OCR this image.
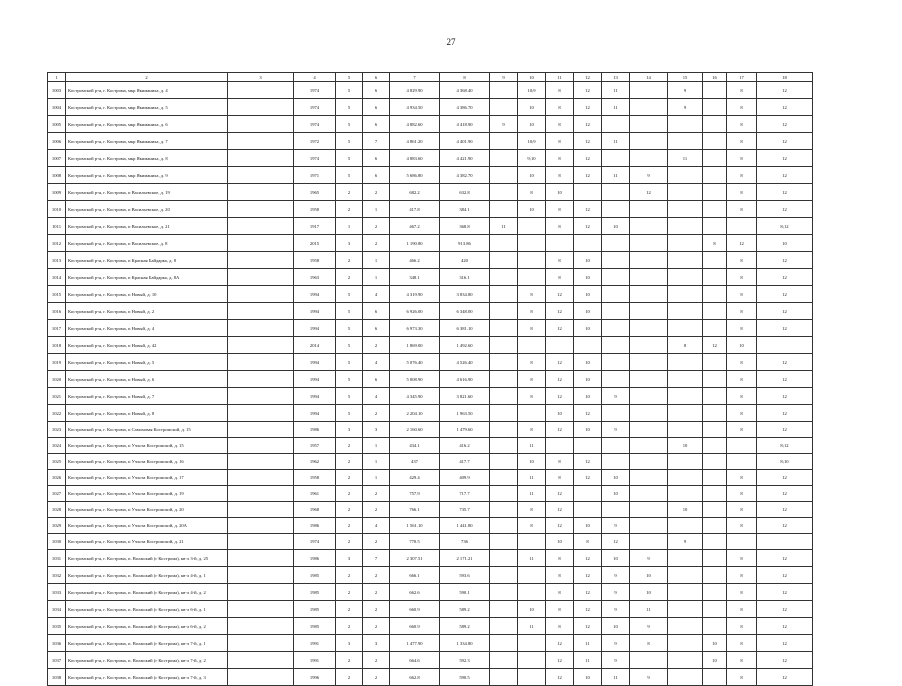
27
1	2	3	4	5	6	7	8	9	10	11	12	13	14	15	16	17	18
1003	Костромской р-н, г. Кострома, мкр Якиманиха, д. 4		1974	5	6	4 829.90	4 368.40		10;9	8	12	11		9		8	12
1004	Костромской р-н, г. Кострома, мкр Якиманиха, д. 5		1974	5	6	4 934.50	4 386.70		10	8	12	11		9		8	12
1005	Костромской р-н, г. Кострома, мкр Якиманиха, д. 6		1974	5	6	4 882.60	4 418.90	9	10	8	12					8	12
1006	Костромской р-н, г. Кострома, мкр Якиманиха, д. 7		1972	5	7	4 861.20	4 401.90		10;9	8	12	11				8	12
1007	Костромской р-н, г. Кострома, мкр Якиманиха, д. 8		1974	5	6	4 883.60	4 421.90		9;10	8	12			11		8	12
1008	Костромской р-н, г. Кострома, мкр Якиманиха, д. 9		1971	5	6	5 686.80	4 382.70		10	8	12	11	9			8	12
1009	Костромской р-н, г. Кострома, п Васильевское, д. 19		1965	2	2	682.2	632.8		8	10			12			8	12
1010	Костромской р-н, г. Кострома, п Васильевское, д. 20		1958	2	1	417.8	384.1		10	8	12					8	12
1011	Костромской р-н, г. Кострома, п Васильевское, д. 21		1917	1	2	467.2	368.8	11		8	12	10					8;12
1012	Костромской р-н, г. Кострома, п Васильевское, д. 8		2015	3	2	1 190.80	913.86								8	12	10
1013	Костромской р-н, г. Кострома, п Красная Байдарка, д. 8		1958	2	1	466.2	420			8	10					8	12
1014	Костромской р-н, г. Кострома, п Красная Байдарка, д. 8А		1963	2	1	348.1	316.1			8	10					8	12
1015	Костромской р-н, г. Кострома, п Новый, д. 10		1994	5	4	4 319.90	3 834.80		8	12	10					8	12
1016	Костромской р-н, г. Кострома, п Новый, д. 2		1994	5	6	6 926.00	6 348.00		8	12	10					8	12
1017	Костромской р-н, г. Кострома, п Новый, д. 4		1994	5	6	6 973.30	6 381.10		8	12	10					8	12
1018	Костромской р-н, г. Кострома, п Новый, д. 42		2014	5	2	1 869.00	1 492.60							8	12	10	
1019	Костромской р-н, г. Кострома, п Новый, д. 5		1994	5	4	5 076.40	4 526.40		8	12	10					8	12
1020	Костромской р-н, г. Кострома, п Новый, д. 6		1994	5	6	5 008.90	4 616.90		8	12	10					8	12
1021	Костромской р-н, г. Кострома, п Новый, д. 7		1994	5	4	4 345.90	3 821.60		8	12	10	9				8	12
1022	Костромской р-н, г. Кострома, п Новый, д. 8		1994	5	2	2 204.10	1 963.50			10	12					8	12
1023	Костромской р-н, г. Кострома, п Самоховая Костромской, д. 15		1986	3	3	2 160.60	1 479.60		8	12	10	9				8	12
1024	Костромской р-н, г. Кострома, п Учхоза Костромской, д. 15		1957	2	1	434.1	416.2		11					10			8;12
1025	Костромской р-н, г. Кострома, п Учхоза Костромской, д. 16		1962	2	1	437	417.7		10	8	12						8;10
1026	Костромской р-н, г. Кострома, п Учхоза Костромской, д. 17		1958	2	1	429.4	409.9		11	8	12	10				8	12
1027	Костромской р-н, г. Кострома, п Учхоза Костромской, д. 19		1961	2	2	757.9	717.7		11	12		10				8	12
1028	Костромской р-н, г. Кострома, п Учхоза Костромской, д. 20		1968	2	2	766.1	735.7		8	12				10		8	12
1029	Костромской р-н, г. Кострома, п Учхоза Костромской, д. 20А		1986	2	4	1 561.10	1 441.80		8	12	10	9				8	12
1030	Костромской р-н, г. Кострома, п Учхоза Костромской, д. 21		1974	2	2	770.5	736			10	8	12		9			
1031	Костромской р-н, г. Кострома, п. Волжский (г Кострома), кв-л 3-й, д. 25		1986	3	7	2 307.51	2 171.21		11	8	12	10	9			8	12
1032	Костромской р-н, г. Кострома, п. Волжский (г Кострома), кв-л 4-й, д. 1		1985	2	2	666.1	593.6			8	12	9	10			8	12
1033	Костромской р-н, г. Кострома, п. Волжский (г Кострома), кв-л 4-й, д. 2		1985	2	2	662.6	590.1			8	12	9	10			8	12
1034	Костромской р-н, г. Кострома, п. Волжский (г Кострома), кв-л 6-й, д. 1		1985	2	2	660.9	589.2		10	8	12	9	11			8	12
1035	Костромской р-н, г. Кострома, п. Волжский (г Кострома), кв-л 6-й, д. 2		1985	2	2	660.9	589.2		11	8	12	10	9			8	12
1036	Костромской р-н, г. Кострома, п. Волжский (г Кострома), кв-л 7-й, д. 1		1991	3	3	1 477.90	1 334.80			12	11	9	8		10	8	12
1037	Костромской р-н, г. Кострома, п. Волжский (г Кострома), кв-л 7-й, д. 2		1991	2	2	664.6	592.3			12	11	9			10	8	12
1038	Костромской р-н, г. Кострома, п. Волжский (г Кострома), кв-л 7-й, д. 3		1996	2	2	662.8	590.5			12	10	11	9			8	12
